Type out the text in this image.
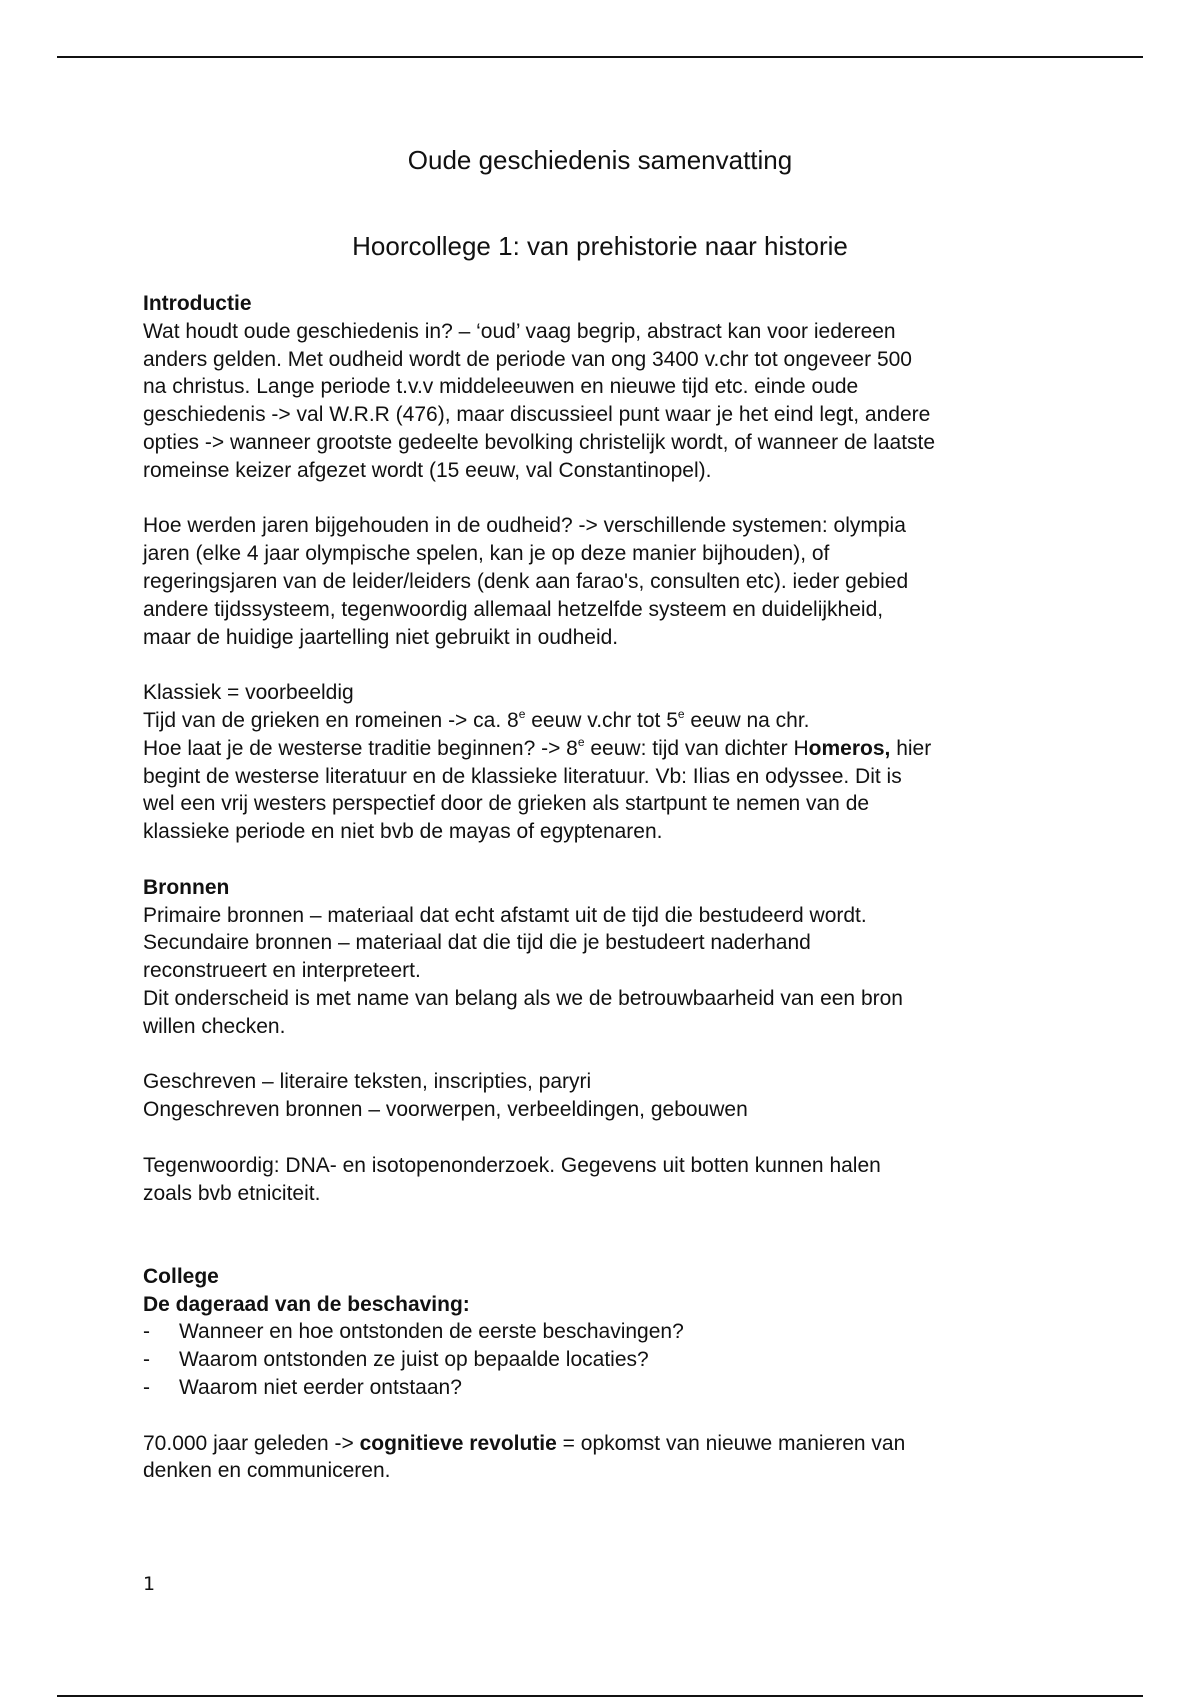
Oude geschiedenis samenvatting
Hoorcollege 1: van prehistorie naar historie
Introductie
Wat houdt oude geschiedenis in? – ‘oud’ vaag begrip, abstract kan voor iedereen
anders gelden. Met oudheid wordt de periode van ong 3400 v.chr tot ongeveer 500
na christus. Lange periode t.v.v middeleeuwen en nieuwe tijd etc. einde oude
geschiedenis -> val W.R.R (476), maar discussieel punt waar je het eind legt, andere
opties -> wanneer grootste gedeelte bevolking christelijk wordt, of wanneer de laatste
romeinse keizer afgezet wordt (15 eeuw, val Constantinopel).
Hoe werden jaren bijgehouden in de oudheid? -> verschillende systemen: olympia
jaren (elke 4 jaar olympische spelen, kan je op deze manier bijhouden), of
regeringsjaren van de leider/leiders (denk aan farao's, consulten etc). ieder gebied
andere tijdssysteem, tegenwoordig allemaal hetzelfde systeem en duidelijkheid,
maar de huidige jaartelling niet gebruikt in oudheid.
Klassiek = voorbeeldig
Tijd van de grieken en romeinen -> ca. 8e eeuw v.chr tot 5e eeuw na chr.
Hoe laat je de westerse traditie beginnen? -> $8^e$ eeuw: tijd van dichter Homeros, hier
begint de westerse literatuur en de klassieke literatuur. Vb: Ilias en odyssee. Dit is
wel een vrij westers perspectief door de grieken als startpunt te nemen van de
klassieke periode en niet bvb de mayas of egyptenaren.
Bronnen
Primaire bronnen – materiaal dat echt afstamt uit de tijd die bestudeerd wordt.
Secundaire bronnen – materiaal dat die tijd die je bestudeert naderhand
reconstrueert en interpreteert.
Dit onderscheid is met name van belang als we de betrouwbaarheid van een bron
willen checken.
Geschreven – literaire teksten, inscripties, paryri
Ongeschreven bronnen – voorwerpen, verbeeldingen, gebouwen
Tegenwoordig: DNA- en isotopenonderzoek. Gegevens uit botten kunnen halen
zoals bvb etniciteit.
College
De dageraad van de beschaving:
- Wanneer en hoe ontstonden de eerste beschavingen?
- Waarom ontstonden ze juist op bepaalde locaties?
- Waarom niet eerder ontstaan?
70.000 jaar geleden -> cognitieve revolutie = opkomst van nieuwe manieren van
denken en communiceren.
1
